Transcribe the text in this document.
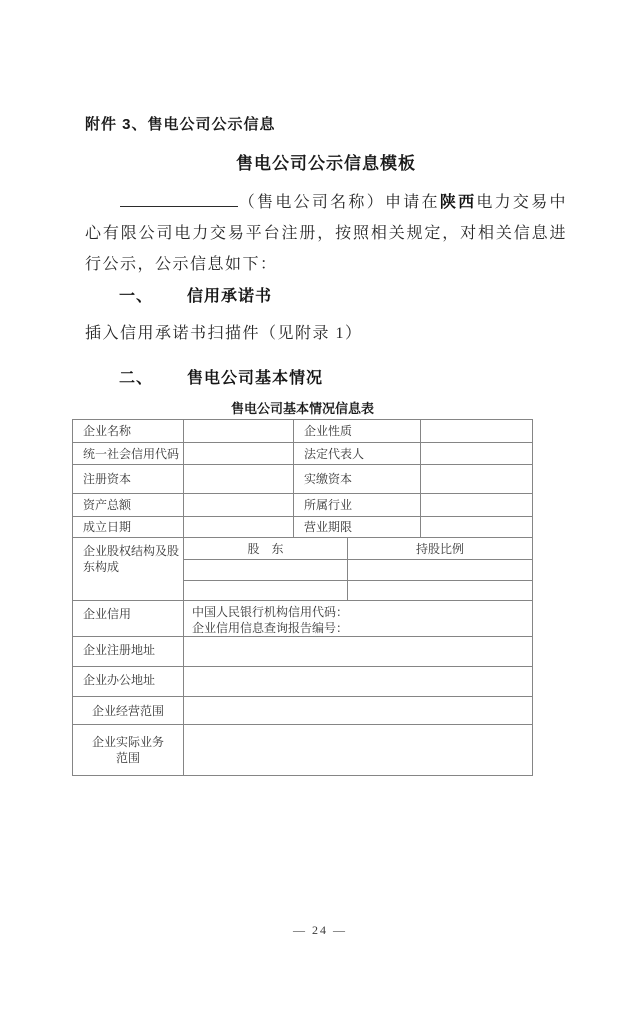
附件 3、售电公司公示信息
售电公司公示信息模板

（售电公司名称）申请在陕西电力交易中心有限公司电力交易平台注册，按照相关规定，对相关信息进行公示，公示信息如下：

一、 信用承诺书
插入信用承诺书扫描件（见附录 1）
二、 售电公司基本情况
售电公司基本情况信息表
企业名称	企业性质
统一社会信用代码	法定代表人
注册资本	实缴资本
资产总额	所属行业
成立日期	营业期限
企业股权结构及股东构成
股　东	持股比例
企业信用	中国人民银行机构信用代码：
企业信用信息查询报告编号：
企业注册地址
企业办公地址
企业经营范围
企业实际业务范围
— 24 —
